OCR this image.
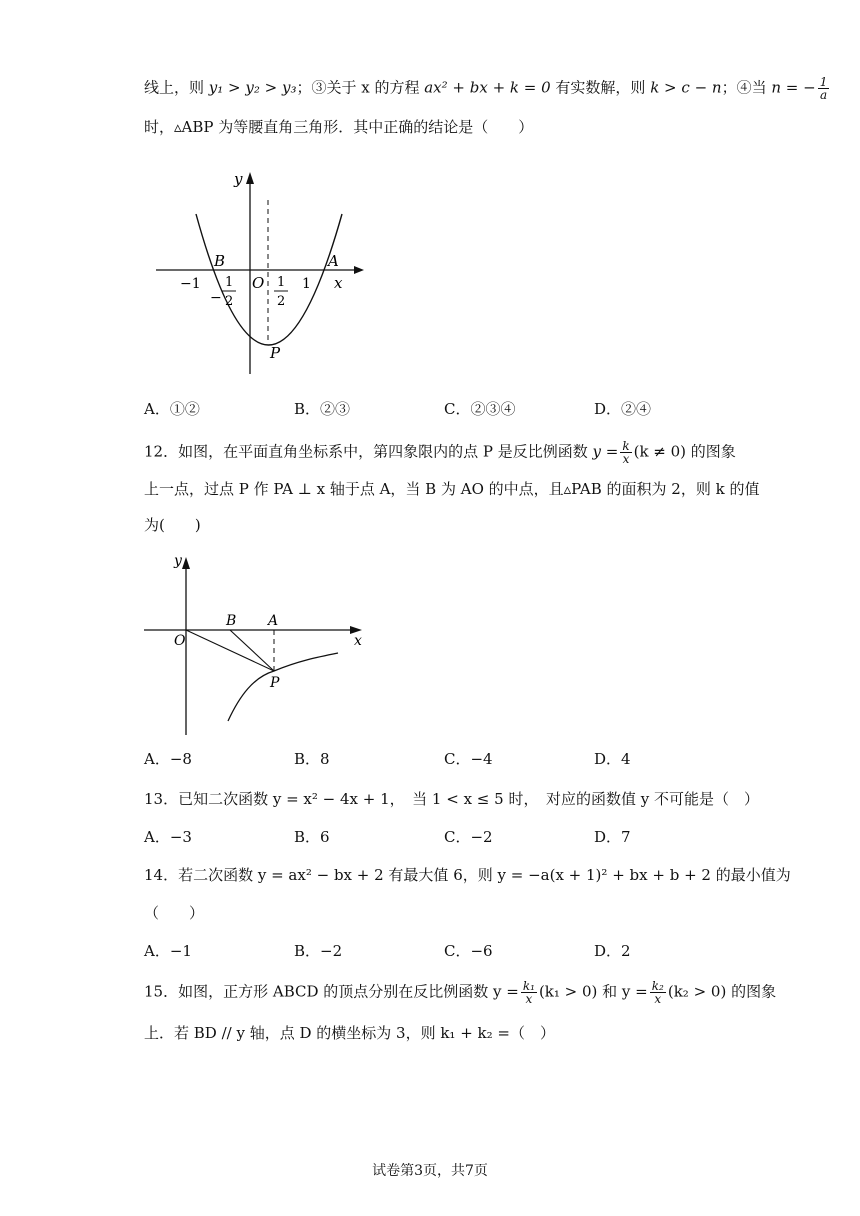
线上，则 y₁ > y₂ > y₃；③关于 x 的方程 ax² + bx + k = 0 有实数解，则 k > c − n；④当 n = − $\frac{1}{a}$
时，▵ABP 为等腰直角三角形．其中正确的结论是（　　）
y
x
O
B	A
P
−1	1
−
1
2
1
2
A．①②	B．②③	C．②③④	D．②④
12．如图，在平面直角坐标系中，第四象限内的点 P 是反比例函数 $y = \frac{k}{x} (k \ne 0)$ 的图象
上一点，过点 P 作 PA ⊥ x 轴于点 A，当 B 为 AO 的中点，且▵PAB 的面积为 2，则 k 的值
为(　　)
y
x
O
B A
P
A．−8	B．8	C．−4	D．4
13．已知二次函数 y = x² − 4x + 1，　当 1 < x ≤ 5 时，　对应的函数值 y 不可能是（　）
A．−3	B．6	C．−2	D．7
14．若二次函数 y = ax² − bx + 2 有最大值 6，则 y = −a(x + 1)² + bx + b + 2 的最小值为
（　　）
A．−1	B．−2	C．−6	D．2
15．如图，正方形 ABCD 的顶点分别在反比例函数 $y = \frac{\text{k₁}}{x} (k_1 > 0)$ 和 $y = \frac{\text{k₂}}{x} (k_2 > 0)$ 的图象
上．若 BD // y 轴，点 D 的横坐标为 3，则 k₁ + k₂ =（　）
试卷第3页，共7页
